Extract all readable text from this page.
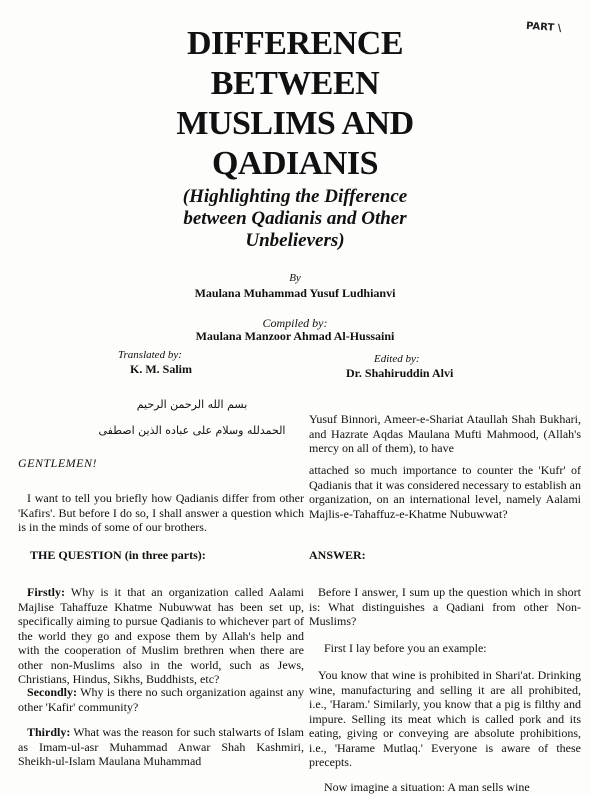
PART \
DIFFERENCE
BETWEEN
MUSLIMS AND
QADIANIS
(Highlighting the Difference
between Qadianis and Other
Unbelievers)
By
Maulana Muhammad Yusuf Ludhianvi
Compiled by:
Maulana Manzoor Ahmad Al-Hussaini
Translated by:
K. M. Salim
Edited by:
Dr. Shahiruddin Alvi
بسم الله الرحمن الرحيم
الحمدلله وسلام على عباده الذين اصطفى
GENTLEMEN!

I want to tell you briefly how Qadianis differ from other 'Kafirs'. But before I do so, I shall answer a question which is in the minds of some of our brothers.

THE QUESTION (in three parts):

Firstly: Why is it that an organization called Aalami Majlise Tahaffuze Khatme Nubuwwat has been set up, specifically aiming to pursue Qadianis to whichever part of the world they go and expose them by Allah's help and with the cooperation of Muslim brethren when there are other non-Muslims also in the world, such as Jews, Christians, Hindus, Sikhs, Buddhists, etc?

Secondly: Why is there no such organization against any other 'Kafir' community?

Thirdly: What was the reason for such stalwarts of Islam as Imam-ul-asr Muhammad Anwar Shah Kashmiri, Sheikh-ul-Islam Maulana Muhammad

Yusuf Binnori, Ameer-e-Shariat Ataullah Shah Bukhari, and Hazrate Aqdas Maulana Mufti Mahmood, (Allah's mercy on all of them), to have

attached so much importance to counter the 'Kufr' of Qadianis that it was considered necessary to establish an organization, on an international level, namely Aalami Majlis-e-Tahaffuz-e-Khatme Nubuwwat?

ANSWER:

Before I answer, I sum up the question which in short is: What distinguishes a Qadiani from other Non-Muslims?

First I lay before you an example:

You know that wine is prohibited in Shari'at. Drinking wine, manufacturing and selling it are all prohibited, i.e., 'Haram.' Similarly, you know that a pig is filthy and impure. Selling its meat which is called pork and its eating, giving or conveying are absolute prohibitions, i.e., 'Harame Mutlaq.' Everyone is aware of these precepts.

Now imagine a situation: A man sells wine
